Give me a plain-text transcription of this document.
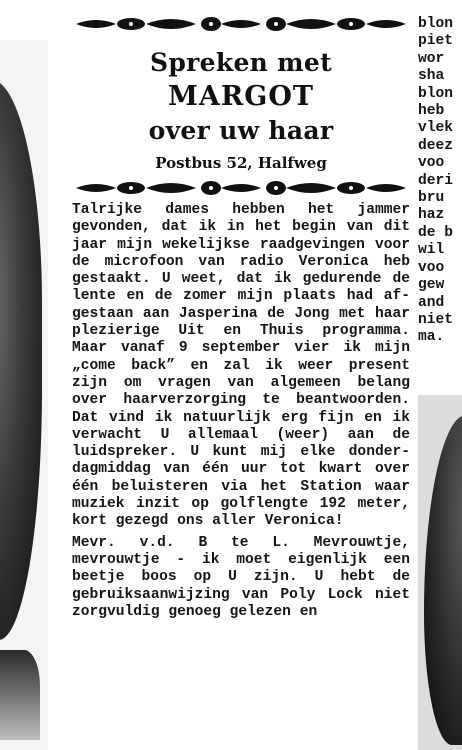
Spreken met
MARGOT
over uw haar
Postbus 52, Halfweg

Talrijke dames hebben het jammer gevonden, dat ik in het begin van dit jaar mijn wekelijkse raadgevingen voor de microfoon van radio Veronica heb gestaakt. U weet, dat ik gedurende de lente en de zomer mijn plaats had afgestaan aan Jasperina de Jong met haar plezierige Uit en Thuis programma. Maar vanaf 9 september vier ik mijn „come back” en zal ik weer present zijn om vragen van algemeen belang over haarverzorging te beantwoorden. Dat vind ik natuurlijk erg fijn en ik verwacht U allemaal (weer) aan de luidspreker. U kunt mij elke donderdagmiddag van één uur tot kwart over één beluisteren via het Station waar muziek inzit op golflengte 192 meter, kort gezegd ons aller Veronica!

Mevr. v.d. B te L. Mevrouwtje, mevrouwtje - ik moet eigenlijk een beetje boos op U zijn. U hebt de gebruiksaanwijzing van Poly Lock niet zorgvuldig genoeg gelezen en

blon
piet
wor
sha
blon
heb
vlek
deez
voo
deri
bru
haz
de b
wil
voo
gew
and
niet
ma.
